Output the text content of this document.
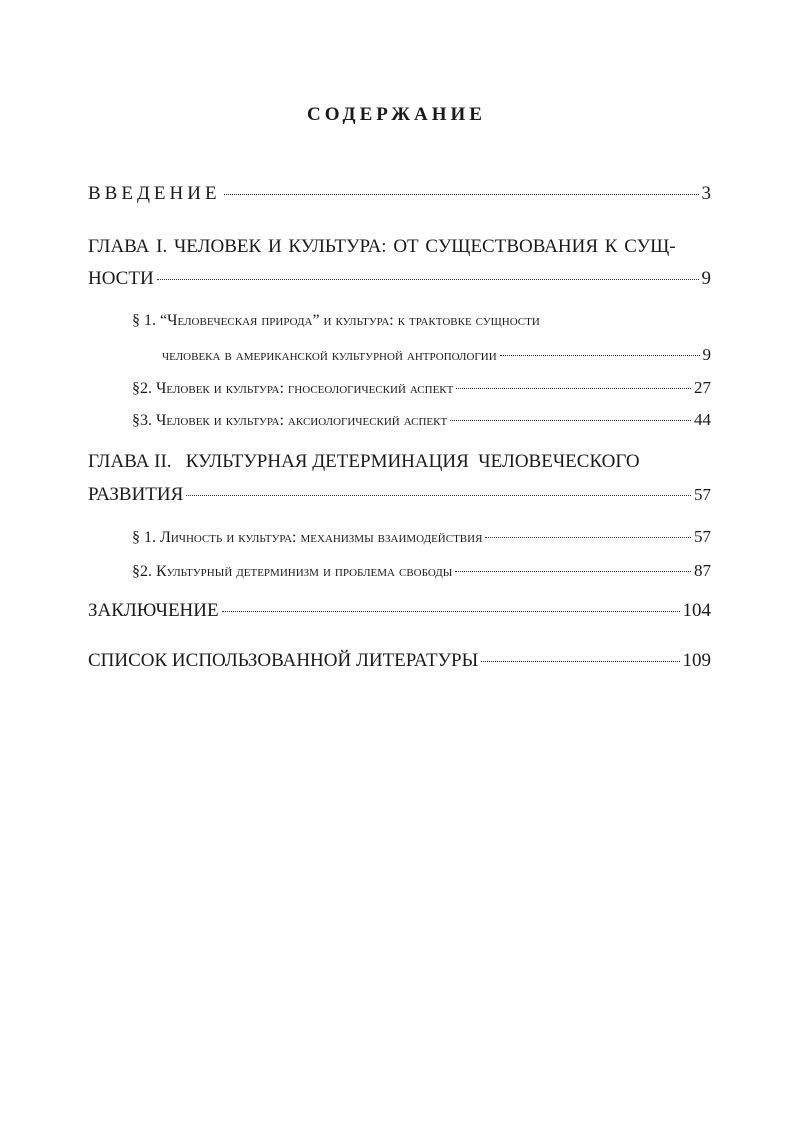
СОДЕРЖАНИЕ
ВВЕДЕНИЕ	3
ГЛАВА I. ЧЕЛОВЕК И КУЛЬТУРА: ОТ СУЩЕСТВОВАНИЯ К СУЩ-
НОСТИ	9
§ 1. “Человеческая природа” и культура: к трактовке сущности
человека в американской культурной антропологии	9
§2. Человек и культура: гносеологический аспект	27
§3. Человек и культура: аксиологический аспект	44
ГЛАВА II.   КУЛЬТУРНАЯ ДЕТЕРМИНАЦИЯ  ЧЕЛОВЕЧЕСКОГО
РАЗВИТИЯ	57
§ 1. Личность и культура: механизмы взаимодействия	57
§2. Культурный детерминизм и проблема свободы	87
ЗАКЛЮЧЕНИЕ	104
СПИСОК ИСПОЛЬЗОВАННОЙ ЛИТЕРАТУРЫ	109
